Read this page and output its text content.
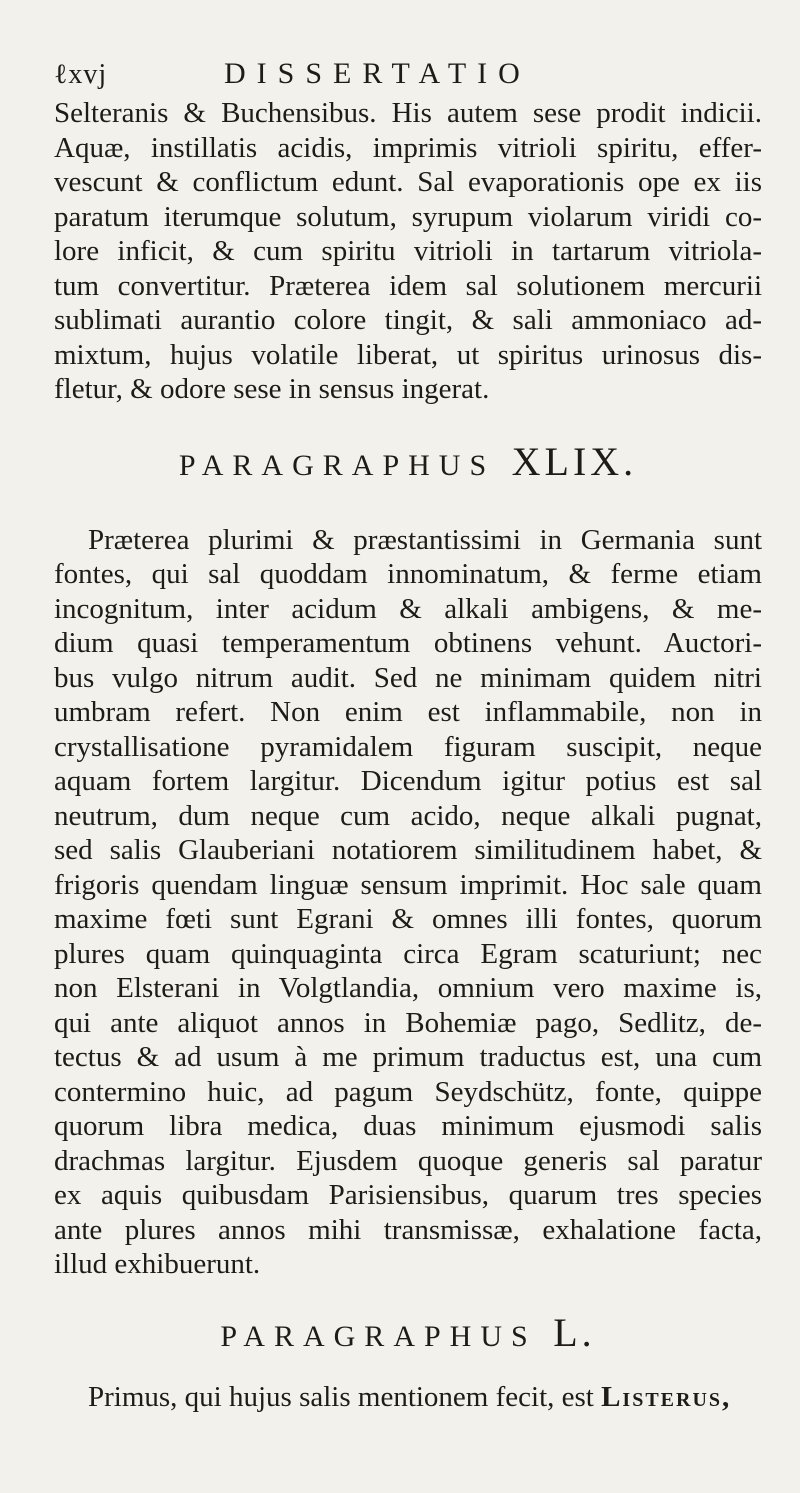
ℓxvj	DISSERTATIO
Selteranis & Buchensibus. His autem sese prodit indicii.
Aquæ, instillatis acidis, imprimis vitrioli spiritu, effer-
vescunt & conflictum edunt. Sal evaporationis ope ex iis
paratum iterumque solutum, syrupum violarum viridi co-
lore inficit, & cum spiritu vitrioli in tartarum vitriola-
tum convertitur. Præterea idem sal solutionem mercurii
sublimati aurantio colore tingit, & sali ammoniaco ad-
mixtum, hujus volatile liberat, ut spiritus urinosus dis-
fletur, & odore sese in sensus ingerat.
PARAGRAPHUS XLIX.
Præterea plurimi & præstantissimi in Germania sunt
fontes, qui sal quoddam innominatum, & ferme etiam
incognitum, inter acidum & alkali ambigens, & me-
dium quasi temperamentum obtinens vehunt. Auctori-
bus vulgo nitrum audit. Sed ne minimam quidem nitri
umbram refert. Non enim est inflammabile, non in
crystallisatione pyramidalem figuram suscipit, neque
aquam fortem largitur. Dicendum igitur potius est sal
neutrum, dum neque cum acido, neque alkali pugnat,
sed salis Glauberiani notatiorem similitudinem habet, &
frigoris quendam linguæ sensum imprimit. Hoc sale quam
maxime fœti sunt Egrani & omnes illi fontes, quorum
plures quam quinquaginta circa Egram scaturiunt; nec
non Elsterani in Volgtlandia, omnium vero maxime is,
qui ante aliquot annos in Bohemiæ pago, Sedlitz, de-
tectus & ad usum à me primum traductus est, una cum
contermino huic, ad pagum Seydschütz, fonte, quippe
quorum libra medica, duas minimum ejusmodi salis
drachmas largitur. Ejusdem quoque generis sal paratur
ex aquis quibusdam Parisiensibus, quarum tres species
ante plures annos mihi transmissæ, exhalatione facta,
illud exhibuerunt.
PARAGRAPHUS L.
Primus, qui hujus salis mentionem fecit, est Listerus,
